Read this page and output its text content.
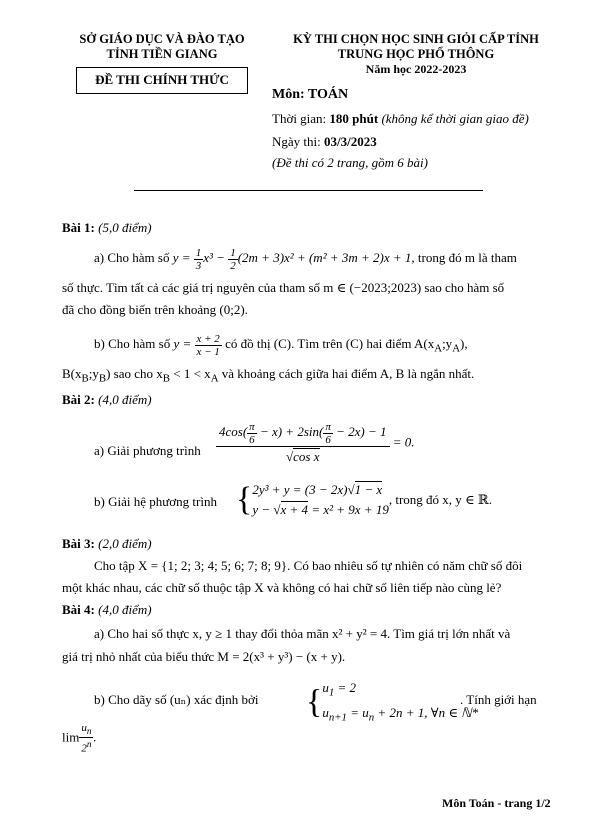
SỞ GIÁO DỤC VÀ ĐÀO TẠO
TỈNH TIỀN GIANG
ĐỀ THI CHÍNH THỨC
KỲ THI CHỌN HỌC SINH GIỎI CẤP TỈNH
TRUNG HỌC PHỔ THÔNG
Năm học 2022-2023
Môn: TOÁN
Thời gian: 180 phút (không kể thời gian giao đề)
Ngày thi: 03/3/2023
(Đề thi có 2 trang, gồm 6 bài)
Bài 1: (5,0 điểm)
a) Cho hàm số $y = \frac{1}{3} x^3 - \frac{1}{2} (2m + 3)x^2 + (m^2 + 3m + 2)x + 1$, trong đó m là tham
số thực. Tìm tất cả các giá trị nguyên của tham số m ∈ (−2023;2023) sao cho hàm số
đã cho đồng biến trên khoảng (0;2).
b) Cho hàm số $y = \frac{x + 2}{x - 1}$ có đồ thị (C). Tìm trên (C) hai điểm $A(x_A;y_A)$,
$B(x_B;y_B)$ sao cho $x_B < 1 < x_A$ và khoảng cách giữa hai điểm A, B là ngắn nhất.
Bài 2: (4,0 điểm)
a) Giải phương trình $\frac{4\cos( \frac{\pi}{6} - x) + 2\sin( \frac{\pi}{6} - 2x) - 1}{\text{√cos x}} = 0$.
b) Giải hệ phương trình {2y³ + y = (3 − 2x)√1 − x
y − √x + 4 = x² + 9x + 19, trong đó x, y ∈ ℝ.
Bài 3: (2,0 điểm)
Cho tập X = {1; 2; 3; 4; 5; 6; 7; 8; 9}. Có bao nhiêu số tự nhiên có năm chữ số đôi
một khác nhau, các chữ số thuộc tập X và không có hai chữ số liên tiếp nào cùng lẻ?
Bài 4: (4,0 điểm)
a) Cho hai số thực x, y ≥ 1 thay đổi thỏa mãn x² + y² = 4. Tìm giá trị lớn nhất và
giá trị nhỏ nhất của biểu thức M = 2(x³ + y³) − (x + y).
b) Cho dãy số (uₙ) xác định bởi {$u_1 = 2$
$u_{n+1} = u_n + 2n + 1$, ∀n ∈ ℕ*
. Tính giới hạn
$\lim \frac{u_n}{2^n}$ .
Môn Toán - trang 1/2
